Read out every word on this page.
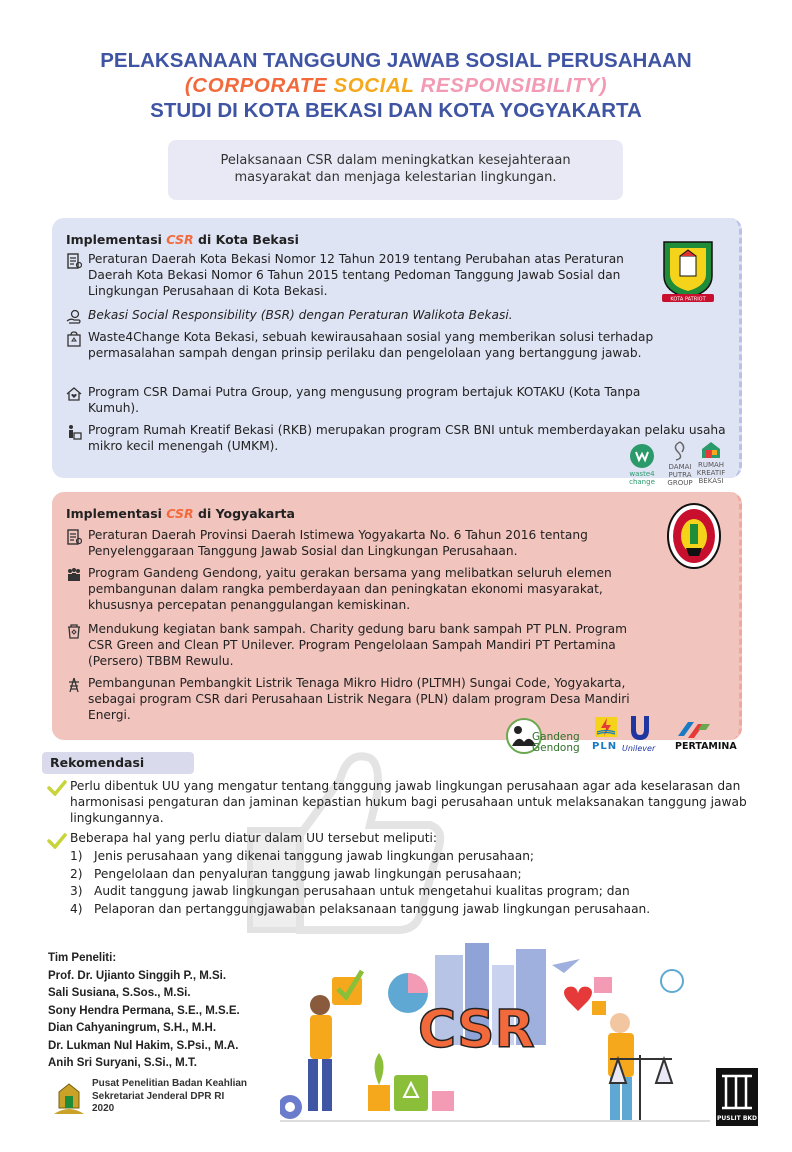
PELAKSANAAN TANGGUNG JAWAB SOSIAL PERUSAHAAN
(CORPORATE SOCIAL RESPONSIBILITY)
STUDI DI KOTA BEKASI DAN KOTA YOGYAKARTA
Pelaksanaan CSR dalam meningkatkan kesejahteraan
masyarakat dan menjaga kelestarian lingkungan.
Implementasi CSR di Kota Bekasi
KOTA PATRIOT
Peraturan Daerah Kota Bekasi Nomor 12 Tahun 2019 tentang Perubahan atas Peraturan Daerah Kota Bekasi Nomor 6 Tahun 2015 tentang Pedoman Tanggung Jawab Sosial dan Lingkungan Perusahaan di Kota Bekasi.
Bekasi Social Responsibility (BSR) dengan Peraturan Walikota Bekasi.
Waste4Change Kota Bekasi, sebuah kewirausahaan sosial yang memberikan solusi terhadap permasalahan sampah dengan prinsip perilaku dan pengelolaan yang bertanggung jawab.
Program CSR Damai Putra Group, yang mengusung program bertajuk KOTAKU (Kota Tanpa Kumuh).
Program Rumah Kreatif Bekasi (RKB) merupakan program CSR BNI untuk memberdayakan pelaku usaha mikro kecil menengah (UMKM).
waste4 change
DAMAI PUTRA GROUP
RUMAH KREATIF BEKASI
Implementasi CSR di Yogyakarta
Peraturan Daerah Provinsi Daerah Istimewa Yogyakarta No. 6 Tahun 2016 tentang Penyelenggaraan Tanggung Jawab Sosial dan Lingkungan Perusahaan.
Program Gandeng Gendong, yaitu gerakan bersama yang melibatkan seluruh elemen pembangunan dalam rangka pemberdayaan dan peningkatan ekonomi masyarakat, khususnya percepatan penanggulangan kemiskinan.
Mendukung kegiatan bank sampah. Charity gedung baru bank sampah PT PLN. Program CSR Green and Clean PT Unilever. Program Pengelolaan Sampah Mandiri PT Pertamina (Persero) TBBM Rewulu.
Pembangunan Pembangkit Listrik Tenaga Mikro Hidro (PLTMH) Sungai Code, Yogyakarta, sebagai program CSR dari Perusahaan Listrik Negara (PLN) dalam program Desa Mandiri Energi.
Gandeng Gendong	PLN Unilever PERTAMINA
Rekomendasi
Perlu dibentuk UU yang mengatur tentang tanggung jawab lingkungan perusahaan agar ada keselarasan dan harmonisasi pengaturan dan jaminan kepastian hukum bagi perusahaan untuk melaksanakan tanggung jawab lingkungannya.
Beberapa hal yang perlu diatur dalam UU tersebut meliputi:
1) Jenis perusahaan yang dikenai tanggung jawab lingkungan perusahaan;
2) Pengelolaan dan penyaluran tanggung jawab lingkungan perusahaan;
3) Audit tanggung jawab lingkungan perusahaan untuk mengetahui kualitas program; dan
4) Pelaporan dan pertanggungjawaban pelaksanaan tanggung jawab lingkungan perusahaan.
Tim Peneliti:
Prof. Dr. Ujianto Singgih P., M.Si.
Sali Susiana, S.Sos., M.Si.
Sony Hendra Permana, S.E., M.S.E.
Dian Cahyaningrum, S.H., M.H.
Dr. Lukman Nul Hakim, S.Psi., M.A.
Anih Sri Suryani, S.Si., M.T.
Pusat Penelitian Badan Keahlian
Sekretariat Jenderal DPR RI
2020
CSR
PUSLIT BKD
